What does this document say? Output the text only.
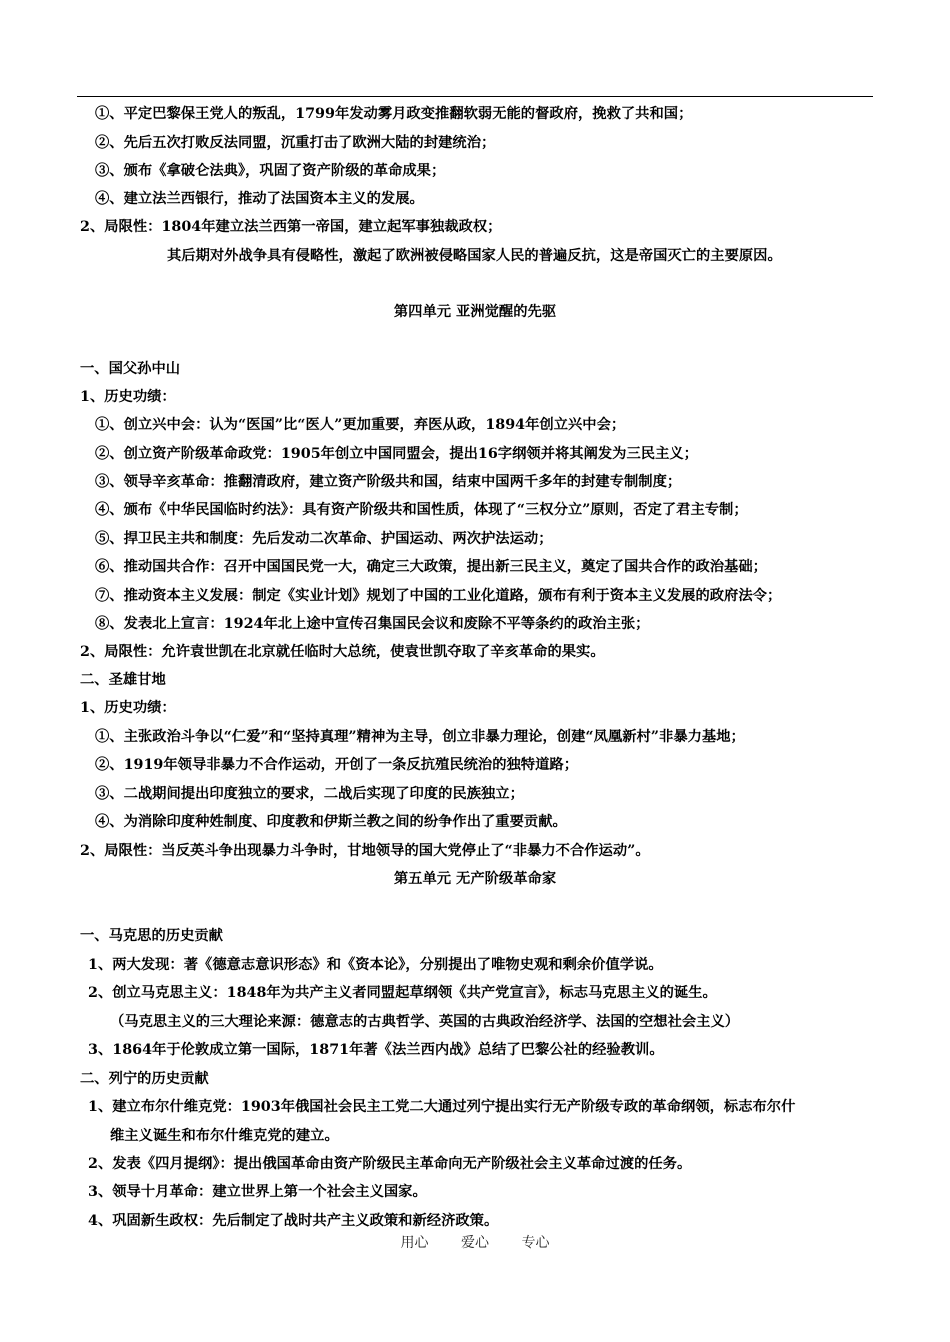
①、平定巴黎保王党人的叛乱，1799年发动雾月政变推翻软弱无能的督政府，挽救了共和国；
②、先后五次打败反法同盟，沉重打击了欧洲大陆的封建统治；
③、颁布《拿破仑法典》，巩固了资产阶级的革命成果；
④、建立法兰西银行，推动了法国资本主义的发展。
2、局限性：1804年建立法兰西第一帝国，建立起军事独裁政权；
其后期对外战争具有侵略性，激起了欧洲被侵略国家人民的普遍反抗，这是帝国灭亡的主要原因。
第四单元 亚洲觉醒的先驱
一、国父孙中山
1、历史功绩：
①、创立兴中会：认为“医国”比“医人”更加重要，弃医从政，1894年创立兴中会；
②、创立资产阶级革命政党：1905年创立中国同盟会，提出16字纲领并将其阐发为三民主义；
③、领导辛亥革命：推翻清政府，建立资产阶级共和国，结束中国两千多年的封建专制制度；
④、颁布《中华民国临时约法》：具有资产阶级共和国性质，体现了“三权分立”原则，否定了君主专制；
⑤、捍卫民主共和制度：先后发动二次革命、护国运动、两次护法运动；
⑥、推动国共合作：召开中国国民党一大，确定三大政策，提出新三民主义，奠定了国共合作的政治基础；
⑦、推动资本主义发展：制定《实业计划》规划了中国的工业化道路，颁布有利于资本主义发展的政府法令；
⑧、发表北上宣言：1924年北上途中宣传召集国民会议和废除不平等条约的政治主张；
2、局限性：允许袁世凯在北京就任临时大总统，使袁世凯夺取了辛亥革命的果实。
二、圣雄甘地
1、历史功绩：
①、主张政治斗争以“仁爱”和“坚持真理”精神为主导，创立非暴力理论，创建“凤凰新村”非暴力基地；
②、1919年领导非暴力不合作运动，开创了一条反抗殖民统治的独特道路；
③、二战期间提出印度独立的要求，二战后实现了印度的民族独立；
④、为消除印度种姓制度、印度教和伊斯兰教之间的纷争作出了重要贡献。
2、局限性：当反英斗争出现暴力斗争时，甘地领导的国大党停止了“非暴力不合作运动”。
第五单元 无产阶级革命家
一、马克思的历史贡献
1、两大发现：著《德意志意识形态》和《资本论》，分别提出了唯物史观和剩余价值学说。
2、创立马克思主义：1848年为共产主义者同盟起草纲领《共产党宣言》，标志马克思主义的诞生。
（马克思主义的三大理论来源：德意志的古典哲学、英国的古典政治经济学、法国的空想社会主义）
3、1864年于伦敦成立第一国际，1871年著《法兰西内战》总结了巴黎公社的经验教训。
二、列宁的历史贡献
1、建立布尔什维克党：1903年俄国社会民主工党二大通过列宁提出实行无产阶级专政的革命纲领，标志布尔什
维主义诞生和布尔什维克党的建立。
2、发表《四月提纲》：提出俄国革命由资产阶级民主革命向无产阶级社会主义革命过渡的任务。
3、领导十月革命：建立世界上第一个社会主义国家。
4、巩固新生政权：先后制定了战时共产主义政策和新经济政策。
用心 爱心 专心
